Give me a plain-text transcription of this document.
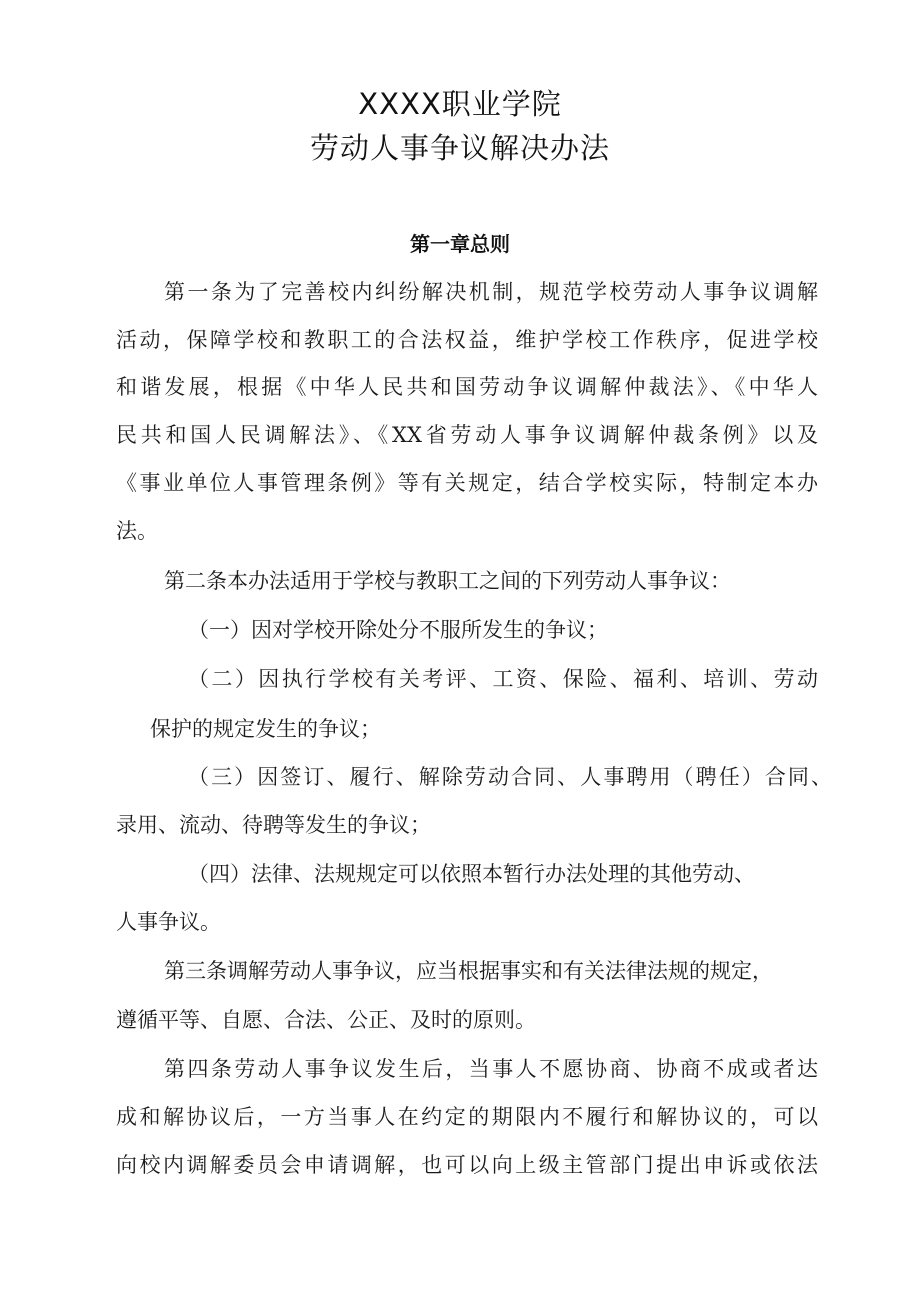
XXXX职业学院
劳动人事争议解决办法
第一章总则
第一条为了完善校内纠纷解决机制，规范学校劳动人事争议调解
活动，保障学校和教职工的合法权益，维护学校工作秩序，促进学校
和谐发展，根据《中华人民共和国劳动争议调解仲裁法》、《中华人
民共和国人民调解法》、《XX省劳动人事争议调解仲裁条例》以及
《事业单位人事管理条例》等有关规定，结合学校实际，特制定本办
法。
第二条本办法适用于学校与教职工之间的下列劳动人事争议：
（一）因对学校开除处分不服所发生的争议；
（二）因执行学校有关考评、工资、保险、福利、培训、劳动
保护的规定发生的争议；
（三）因签订、履行、解除劳动合同、人事聘用（聘任）合同、
录用、流动、待聘等发生的争议；
（四）法律、法规规定可以依照本暂行办法处理的其他劳动、
人事争议。
第三条调解劳动人事争议，应当根据事实和有关法律法规的规定，
遵循平等、自愿、合法、公正、及时的原则。
第四条劳动人事争议发生后，当事人不愿协商、协商不成或者达
成和解协议后，一方当事人在约定的期限内不履行和解协议的，可以
向校内调解委员会申请调解，也可以向上级主管部门提出申诉或依法
